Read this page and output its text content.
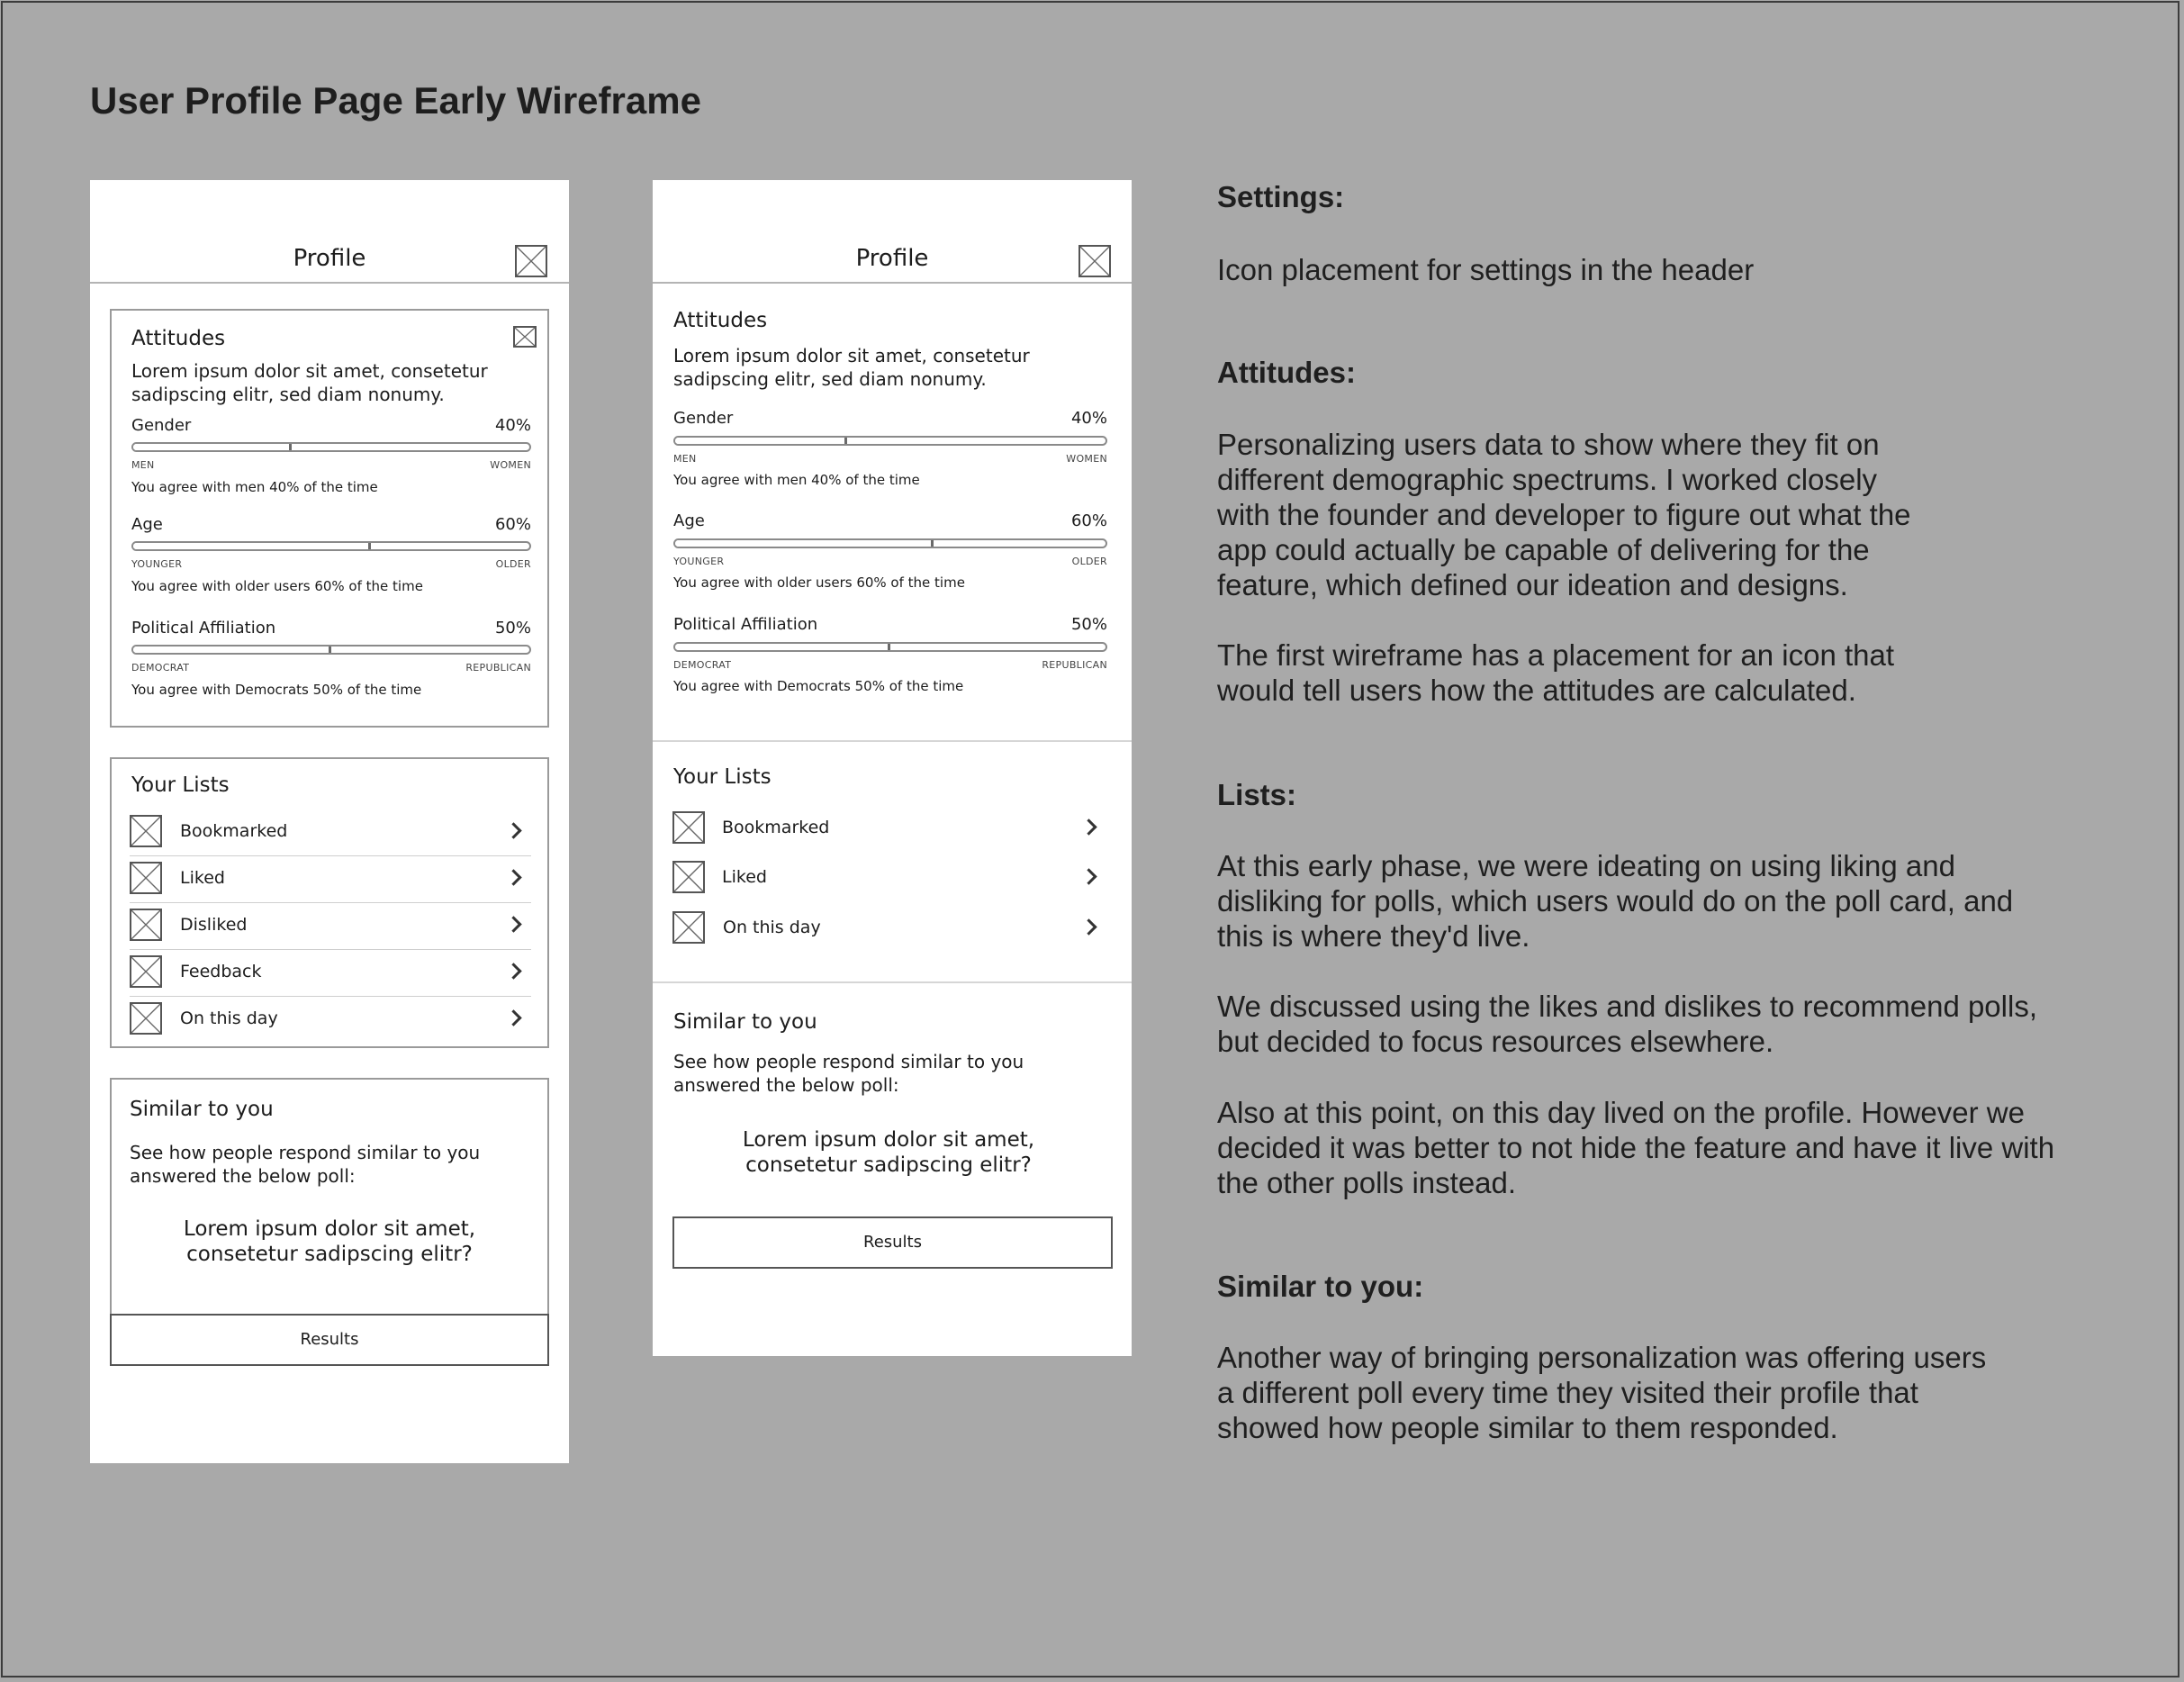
User Profile Page Early Wireframe
Profile
Attitudes
Lorem ipsum dolor sit amet, consetetur sadipscing elitr, sed diam nonumy.
Gender	40%
MEN	WOMEN
You agree with men 40% of the time
Age	60%
YOUNGER	OLDER
You agree with older users 60% of the time
Political Affiliation	50%
DEMOCRAT	REPUBLICAN
You agree with Democrats 50% of the time
Your Lists
Bookmarked
Liked
Disliked
Feedback
On this day
Similar to you
See how people respond similar to you answered the below poll:
Lorem ipsum dolor sit amet, consetetur sadipscing elitr?
Results
Profile
Attitudes
Lorem ipsum dolor sit amet, consetetur sadipscing elitr, sed diam nonumy.
Gender	40%
MEN	WOMEN
You agree with men 40% of the time
Age	60%
YOUNGER	OLDER
You agree with older users 60% of the time
Political Affiliation	50%
DEMOCRAT	REPUBLICAN
You agree with Democrats 50% of the time
Your Lists
Bookmarked
Liked
On this day
Similar to you
See how people respond similar to you answered the below poll:
Lorem ipsum dolor sit amet, consetetur sadipscing elitr?
Results
Settings:

Icon placement for settings in the header

Attitudes:

Personalizing users data to show where they fit on different demographic spectrums. I worked closely with the founder and developer to figure out what the app could actually be capable of delivering for the feature, which defined our ideation and designs.

The first wireframe has a placement for an icon that would tell users how the attitudes are calculated.

Lists:

At this early phase, we were ideating on using liking and disliking for polls, which users would do on the poll card, and this is where they'd live.

We discussed using the likes and dislikes to recommend polls, but decided to focus resources elsewhere.

Also at this point, on this day lived on the profile. However we decided it was better to not hide the feature and have it live with the other polls instead.

Similar to you:

Another way of bringing personalization was offering users a different poll every time they visited their profile that showed how people similar to them responded.
